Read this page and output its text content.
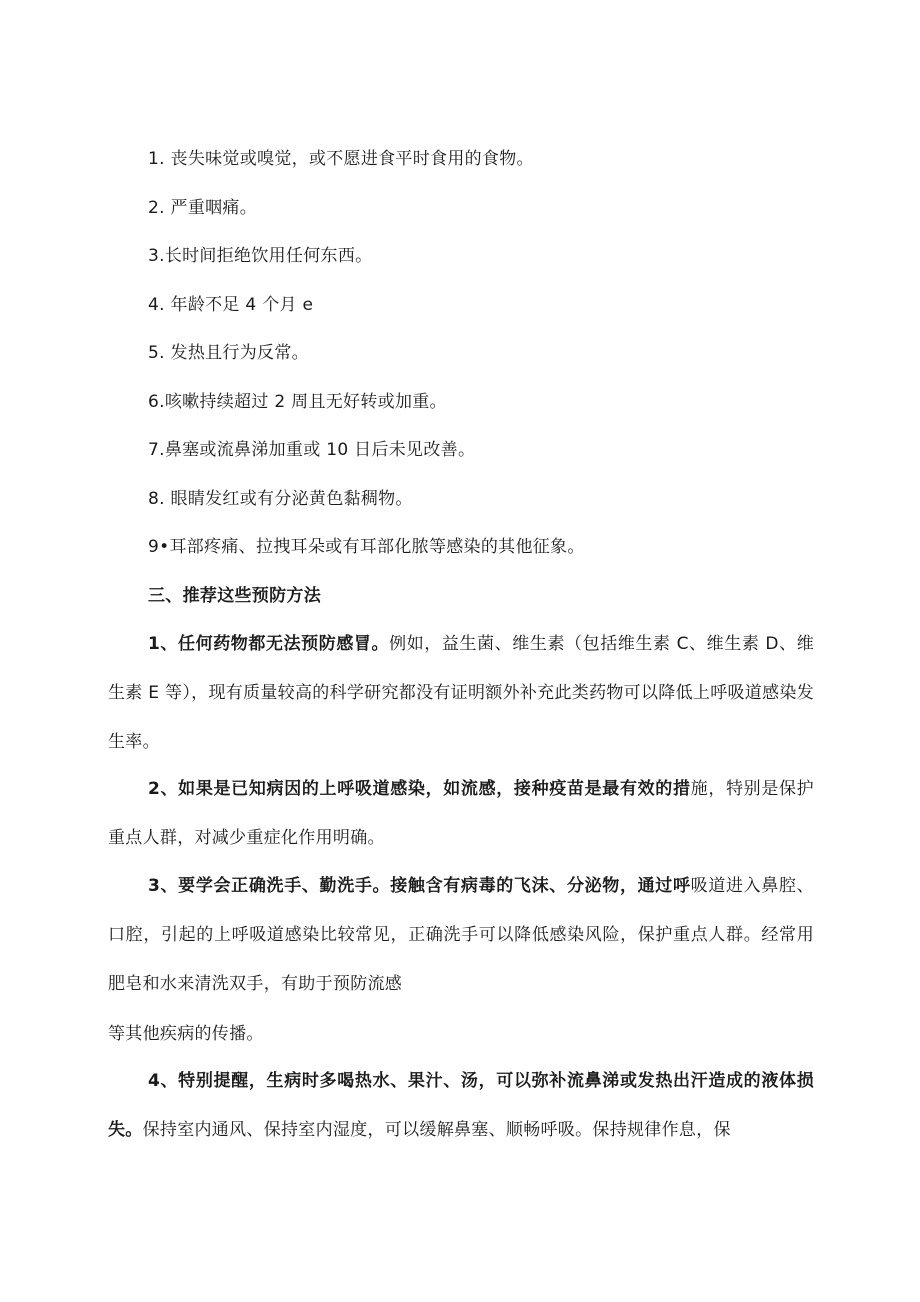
1. 丧失味觉或嗅觉，或不愿进食平时食用的食物。
2. 严重咽痛。
3.长时间拒绝饮用任何东西。
4. 年龄不足 4 个月 e
5. 发热且行为反常。
6.咳嗽持续超过 2 周且无好转或加重。
7.鼻塞或流鼻涕加重或 10 日后未见改善。
8. 眼睛发红或有分泌黄色黏稠物。
9•耳部疼痛、拉拽耳朵或有耳部化脓等感染的其他征象。
三、推荐这些预防方法
1、任何药物都无法预防感冒。例如，益生菌、维生素（包括维生素 C、维生素 D、维生素 E 等），现有质量较高的科学研究都没有证明额外补充此类药物可以降低上呼吸道感染发生率。
2、如果是已知病因的上呼吸道感染，如流感，接种疫苗是最有效的措施，特别是保护重点人群，对减少重症化作用明确。
3、要学会正确洗手、勤洗手。接触含有病毒的飞沫、分泌物，通过呼吸道进入鼻腔、口腔，引起的上呼吸道感染比较常见，正确洗手可以降低感染风险，保护重点人群。经常用肥皂和水来清洗双手，有助于预防流感
等其他疾病的传播。
4、特别提醒，生病时多喝热水、果汁、汤，可以弥补流鼻涕或发热出汗造成的液体损失。保持室内通风、保持室内湿度，可以缓解鼻塞、顺畅呼吸。保持规律作息，保
